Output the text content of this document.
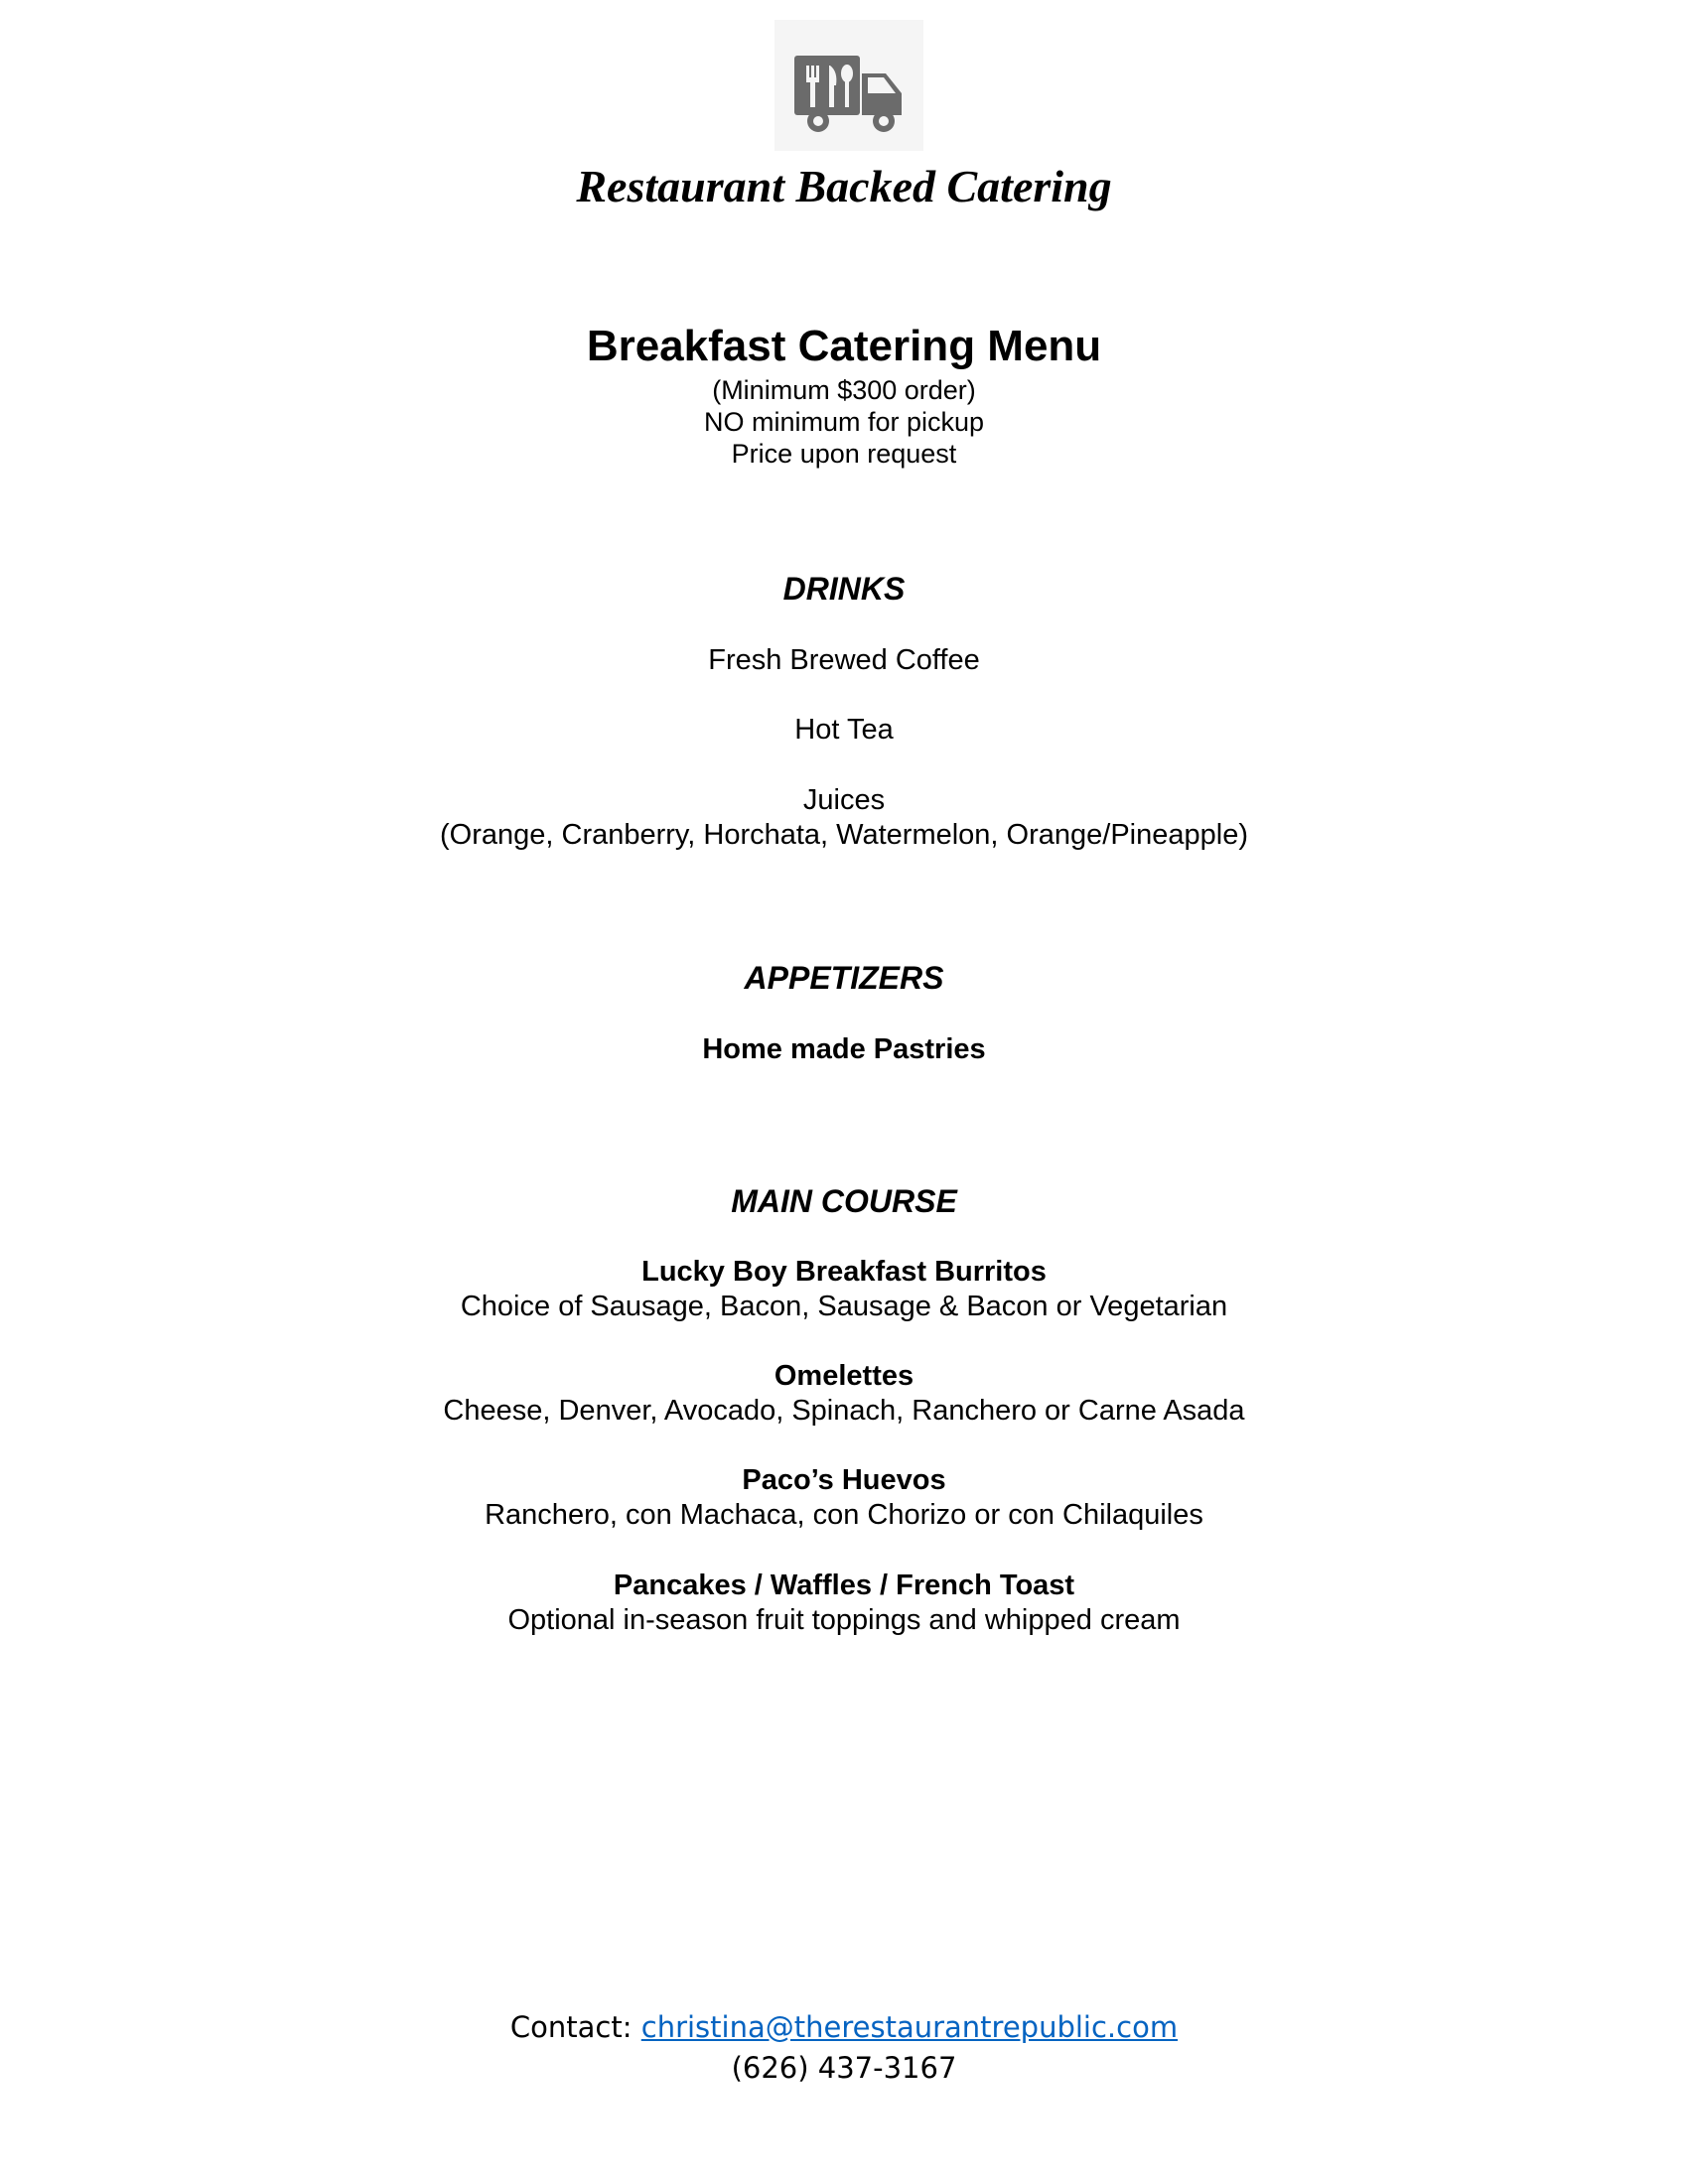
Restaurant Backed Catering
Breakfast Catering Menu
(Minimum $300 order)
NO minimum for pickup
Price upon request
DRINKS
Fresh Brewed Coffee
Hot Tea
Juices
(Orange, Cranberry, Horchata, Watermelon, Orange/Pineapple)
APPETIZERS
Home made Pastries
MAIN COURSE
Lucky Boy Breakfast Burritos
Choice of Sausage, Bacon, Sausage & Bacon or Vegetarian
Omelettes
Cheese, Denver, Avocado, Spinach, Ranchero or Carne Asada
Paco’s Huevos
Ranchero, con Machaca, con Chorizo or con Chilaquiles
Pancakes / Waffles / French Toast
Optional in-season fruit toppings and whipped cream
Contact: christina@therestaurantrepublic.com
(626) 437-3167
